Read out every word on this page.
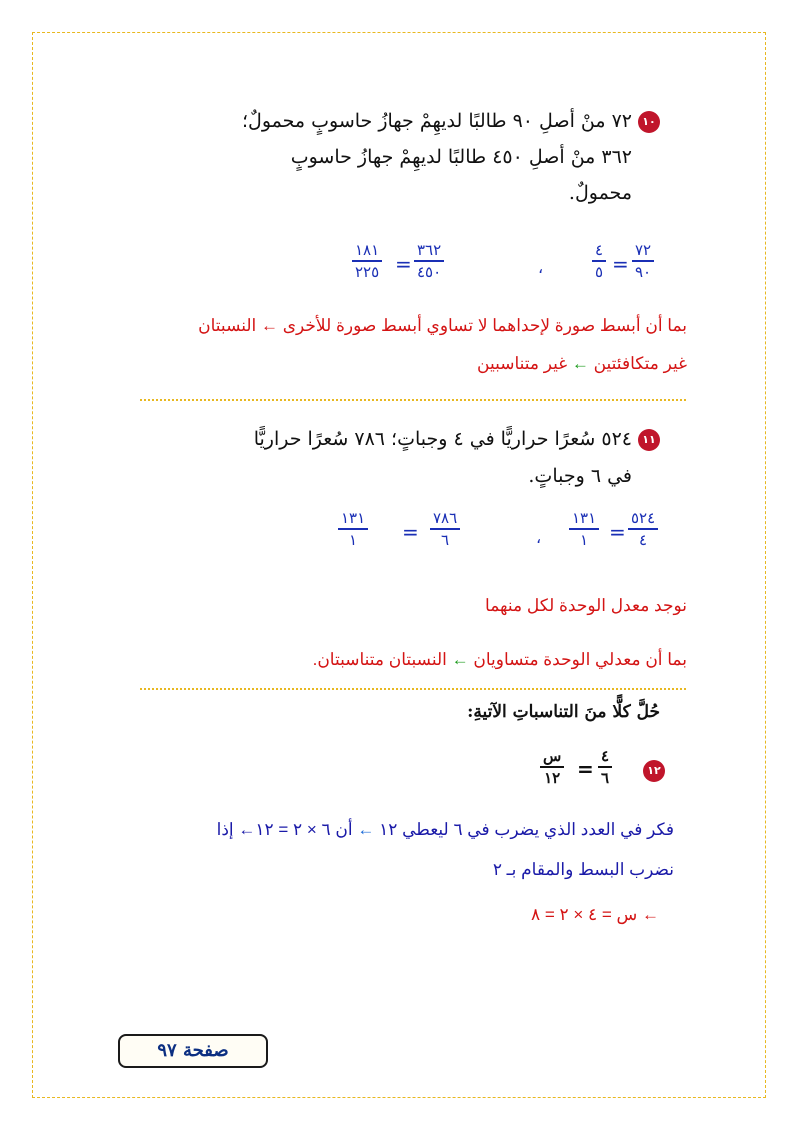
١٠٧٢ منْ أصلِ ٩٠ طالبًا لديهِمْ جهازُ حاسوبٍ محمولٌ؛
٣٦٢ منْ أصلِ ٤٥٠ طالبًا لديهِمْ جهازُ حاسوبٍ
محمولٌ.
٧٢
٩٠
=
٤
٥
،
٣٦٢
٤٥٠
=
١٨١
٢٢٥
بما أن أبسط صورة لإحداهما لا تساوي أبسط صورة للأخرى ← النسبتان
غير متكافئتين ← غير متناسبين
١١٥٢٤ سُعرًا حراريًّا في ٤ وجباتٍ؛ ٧٨٦ سُعرًا حراريًّا
في ٦ وجباتٍ.
٥٢٤
٤
=
١٣١
١
،
٧٨٦
٦
=
١٣١
١
نوجد معدل الوحدة لكل منهما
بما أن معدلي الوحدة متساويان ← النسبتان متناسبتان.
حُلَّ كلًّا منَ التناسباتِ الآتيةِ:
١٢
٤
٦
=
س
١٢
فكر في العدد الذي يضرب في ٦ ليعطي ١٢ ← أن ٦ × ٢ = ١٢← إذا
نضرب البسط والمقام بـ ٢
← س = ٤ × ٢ = ٨
صفحة ٩٧
